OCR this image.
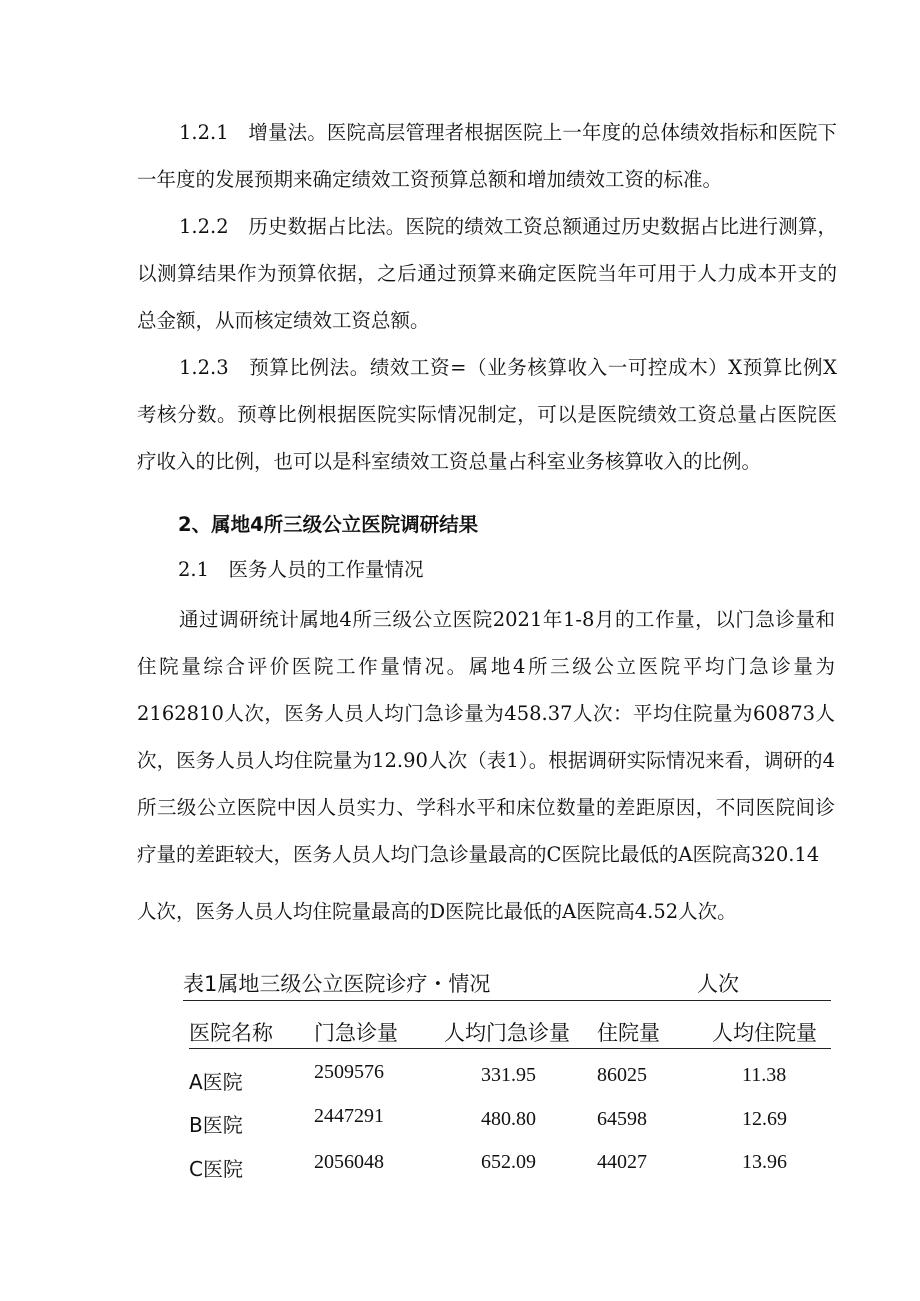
1.2.1　增量法。医院高层管理者根据医院上一年度的总体绩效指标和医院下一年度的发展预期来确定绩效工资预算总额和增加绩效工资的标准。

1.2.2　历史数据占比法。医院的绩效工资总额通过历史数据占比进行测算，以测算结果作为预算依据，之后通过预算来确定医院当年可用于人力成本开支的总金额，从而核定绩效工资总额。

1.2.3　预算比例法。绩效工资=（业务核算收入一可控成木）X预算比例X考核分数。预尊比例根据医院实际情况制定，可以是医院绩效工资总量占医院医疗收入的比例，也可以是科室绩效工资总量占科室业务核算收入的比例。

2、属地4所三级公立医院调研结果

2.1　医务人员的工作量情况

通过调研统计属地4所三级公立医院2021年1-8月的工作量，以门急诊量和住院量综合评价医院工作量情况。属地4所三级公立医院平均门急诊量为2162810人次，医务人员人均门急诊量为458.37人次：平均住院量为60873人次，医务人员人均住院量为12.90人次（表1）。根据调研实际情况来看，调研的4所三级公立医院中因人员实力、学科水平和床位数量的差距原因，不同医院间诊疗量的差距较大，医务人员人均门急诊量最高的C医院比最低的A医院高320.14

人次，医务人员人均住院量最高的D医院比最低的A医院高4.52人次。

表1属地三级公立医院诊疗・情况	人次
医院名称 门急诊量 人均门急诊量 住院量 人均住院量
A医院	2509576	331.95	86025	11.38
B医院	2447291	480.80	64598	12.69
C医院	2056048	652.09	44027	13.96
